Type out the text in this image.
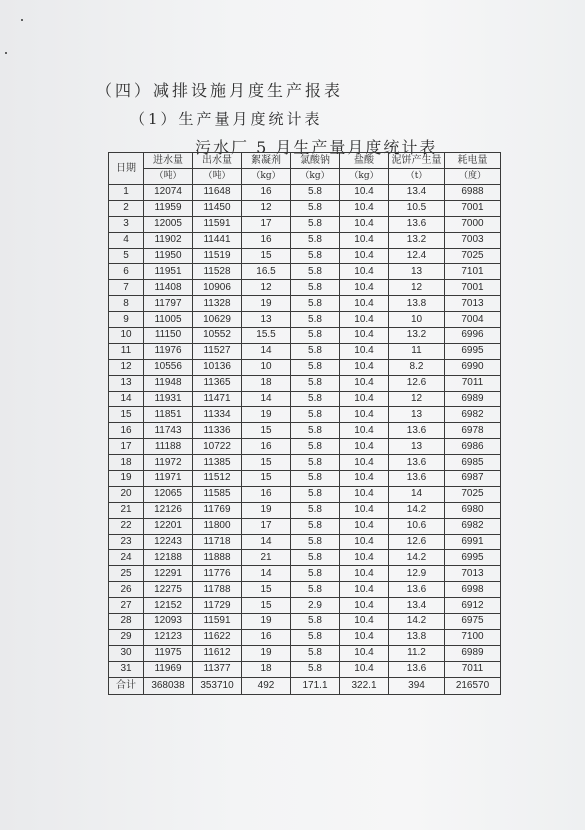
（四）减排设施月度生产报表
（1）生产量月度统计表
污水厂 5 月生产量月度统计表
日期	进水量	出水量	絮凝剂	氯酸钠	盐酸	泥饼产生量	耗电量
	（吨）	（吨）	（kg）	（kg）	（kg）	（t）	（度）
1	12074	11648	16	5.8	10.4	13.4	6988
2	11959	11450	12	5.8	10.4	10.5	7001
3	12005	11591	17	5.8	10.4	13.6	7000
4	11902	11441	16	5.8	10.4	13.2	7003
5	11950	11519	15	5.8	10.4	12.4	7025
6	11951	11528	16.5	5.8	10.4	13	7101
7	11408	10906	12	5.8	10.4	12	7001
8	11797	11328	19	5.8	10.4	13.8	7013
9	11005	10629	13	5.8	10.4	10	7004
10	11150	10552	15.5	5.8	10.4	13.2	6996
11	11976	11527	14	5.8	10.4	11	6995
12	10556	10136	10	5.8	10.4	8.2	6990
13	11948	11365	18	5.8	10.4	12.6	7011
14	11931	11471	14	5.8	10.4	12	6989
15	11851	11334	19	5.8	10.4	13	6982
16	11743	11336	15	5.8	10.4	13.6	6978
17	11188	10722	16	5.8	10.4	13	6986
18	11972	11385	15	5.8	10.4	13.6	6985
19	11971	11512	15	5.8	10.4	13.6	6987
20	12065	11585	16	5.8	10.4	14	7025
21	12126	11769	19	5.8	10.4	14.2	6980
22	12201	11800	17	5.8	10.4	10.6	6982
23	12243	11718	14	5.8	10.4	12.6	6991
24	12188	11888	21	5.8	10.4	14.2	6995
25	12291	11776	14	5.8	10.4	12.9	7013
26	12275	11788	15	5.8	10.4	13.6	6998
27	12152	11729	15	2.9	10.4	13.4	6912
28	12093	11591	19	5.8	10.4	14.2	6975
29	12123	11622	16	5.8	10.4	13.8	7100
30	11975	11612	19	5.8	10.4	11.2	6989
31	11969	11377	18	5.8	10.4	13.6	7011
合计	368038	353710	492	171.1	322.1	394	216570
